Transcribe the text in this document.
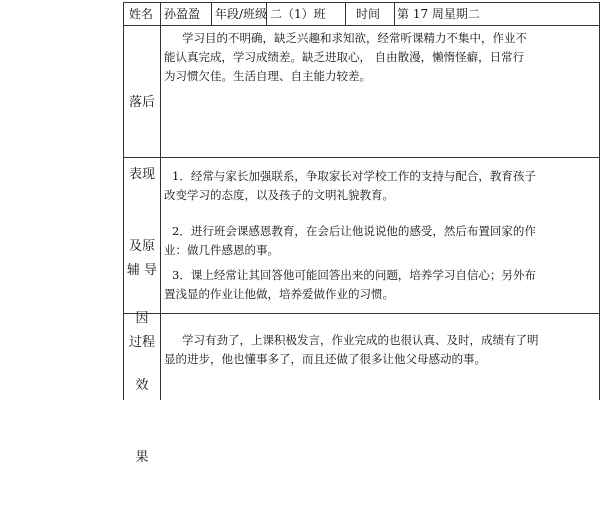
姓名 孙盈盈 年段/班级 二（1）班	时间 第 17 周星期二

落后

表现

及原

因

学习目的不明确，缺乏兴趣和求知欲，经常听课精力不集中，作业不
能认真完成，学习成绩差。缺乏进取心， 自由散漫，懒惰怪癖，日常行
为习惯欠佳。生活自理、自主能力较差。

辅 导

过程

1．经常与家长加强联系，争取家长对学校工作的支持与配合，教育孩子
改变学习的态度，以及孩子的文明礼貌教育。
2．进行班会课感恩教育，在会后让他说说他的感受，然后布置回家的作
业：做几件感恩的事。
3．课上经常让其回答他可能回答出来的问题，培养学习自信心；另外布
置浅显的作业让他做，培养爱做作业的习惯。

效

果

学习有劲了，上课积极发言，作业完成的也很认真、及时，成绩有了明
显的进步，他也懂事多了，而且还做了很多让他父母感动的事。
